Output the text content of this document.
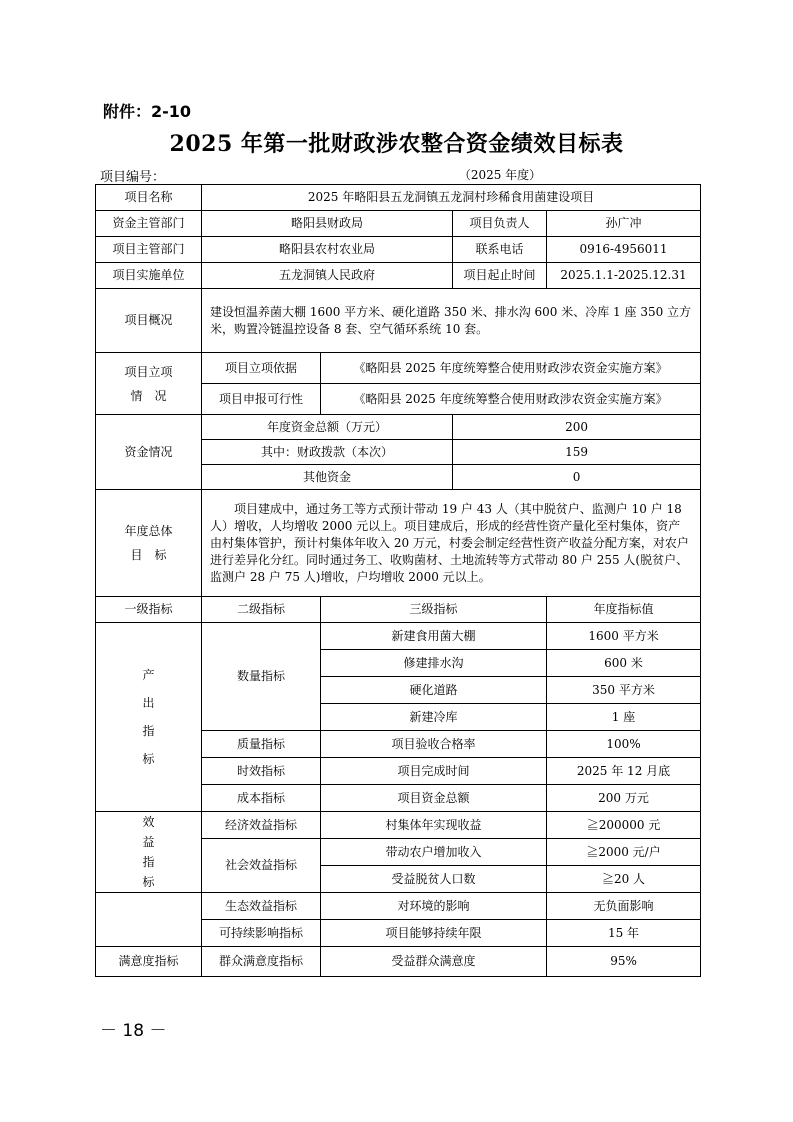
附件：2-10
2025 年第一批财政涉农整合资金绩效目标表
项目编号：	（2025 年度）
项目名称	2025 年略阳县五龙洞镇五龙洞村珍稀食用菌建设项目			
资金主管部门	略阳县财政局		项目负责人	孙广冲
项目主管部门	略阳县农村农业局		联系电话	0916-4956011
项目实施单位	五龙洞镇人民政府		项目起止时间	2025.1.1-2025.12.31
项目概况	建设恒温养菌大棚 1600 平方米、硬化道路 350 米、排水沟 600 米、冷库 1 座 350 立方米，购置冷链温控设备 8 套、空气循环系统 10 套。			

项目立项
情　况	项目立项依据	《略阳县 2025 年度统筹整合使用财政涉农资金实施方案》		
	项目申报可行性	《略阳县 2025 年度统筹整合使用财政涉农资金实施方案》		
资金情况	年度资金总额（万元）		200	
	其中：财政拨款（本次）		159	
	其他资金		0	

年度总体
目　标	项目建成中，通过务工等方式预计带动 19 户 43 人（其中脱贫户、监测户 10 户 18 人）增收，人均增收 2000 元以上。项目建成后，形成的经营性资产量化至村集体，资产由村集体管护，预计村集体年收入 20 万元，村委会制定经营性资产收益分配方案，对农户进行差异化分红。同时通过务工、收购菌材、土地流转等方式带动 80 户 255 人(脱贫户、监测户 28 户 75 人)增收，户均增收 2000 元以上。			
一级指标	二级指标	三级指标		年度指标值

产出指标	数量指标	新建食用菌大棚		1600 平方米
		修建排水沟		600 米
		硬化道路		350 平方米
		新建冷库		1 座
	质量指标	项目验收合格率		100%
	时效指标	项目完成时间		2025 年 12 月底
	成本指标	项目资金总额		200 万元

效益指标	经济效益指标	村集体年实现收益		≧200000 元
	社会效益指标	带动农户增加收入		≧2000 元/户
		受益脱贫人口数		≧20 人
	生态效益指标	对环境的影响		无负面影响
	可持续影响指标	项目能够持续年限		15 年
满意度指标	群众满意度指标	受益群众满意度		95%
－ 18 －
